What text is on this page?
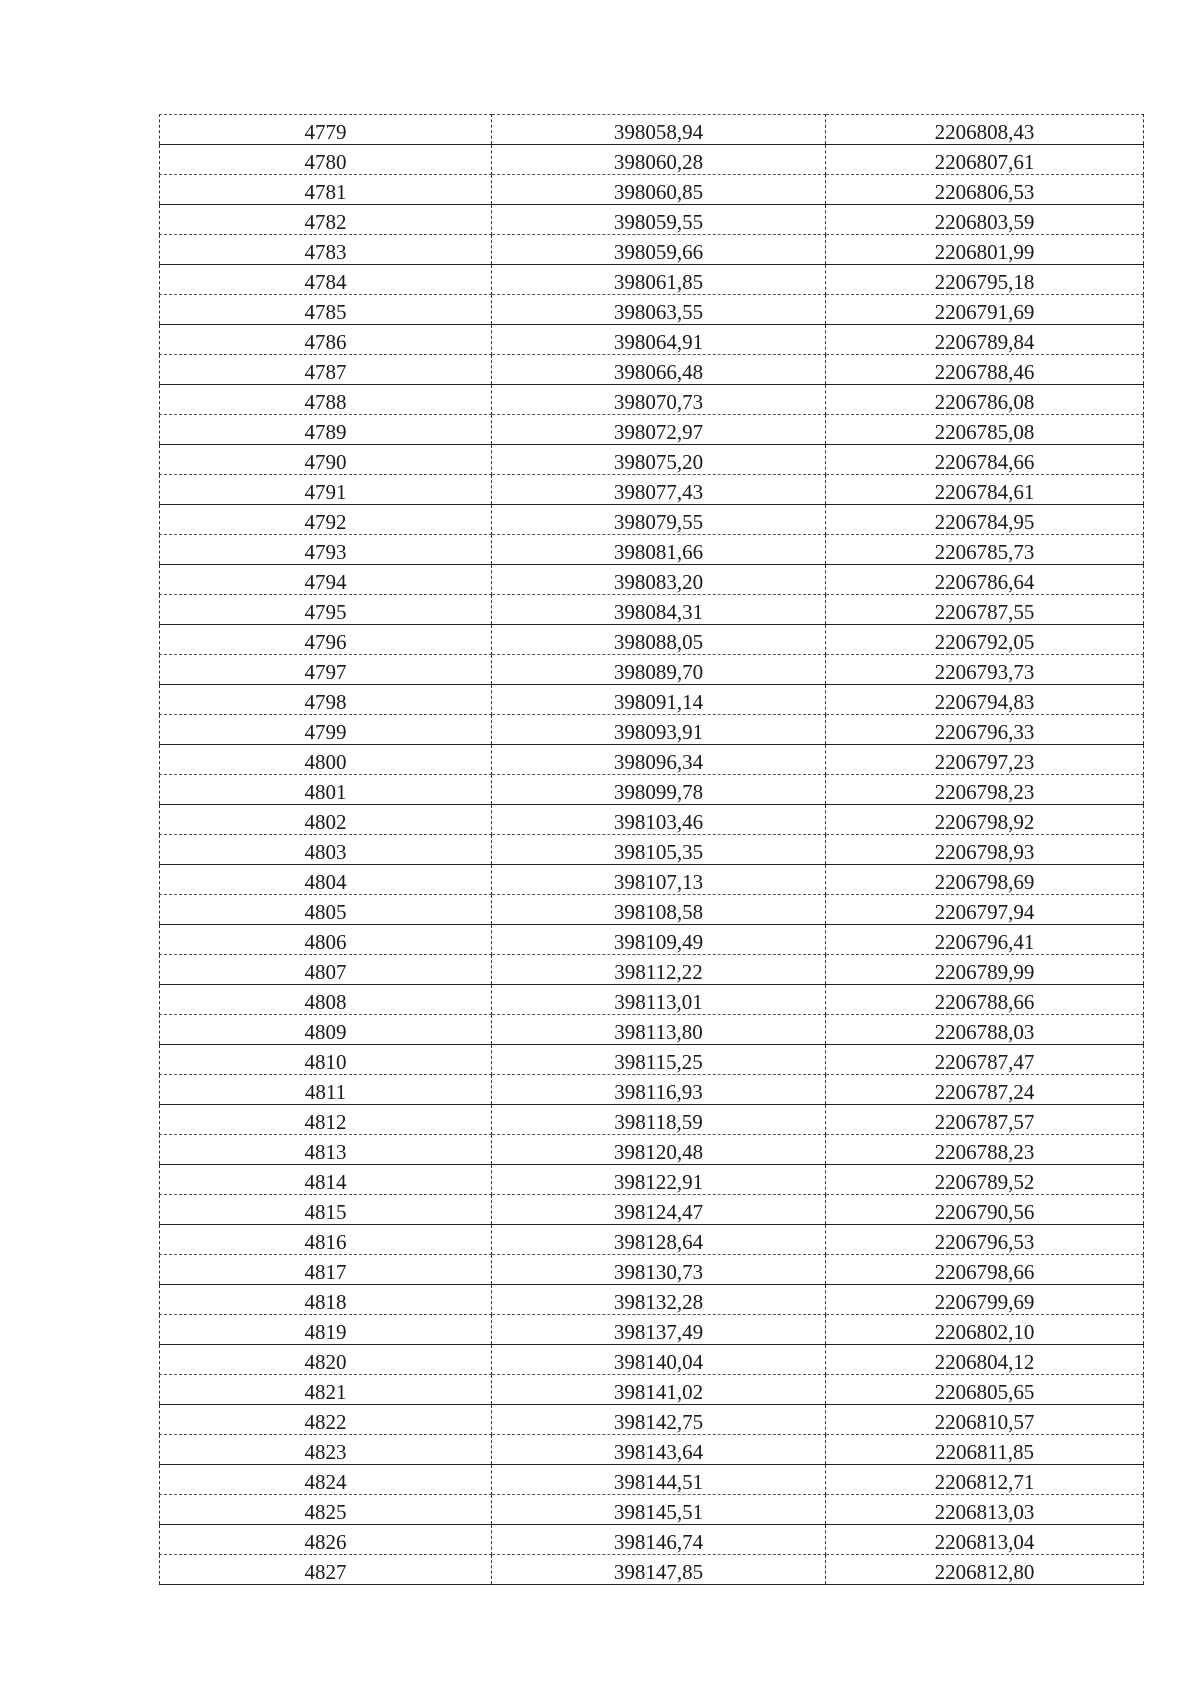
4779	398058,94	2206808,43
4780	398060,28	2206807,61
4781	398060,85	2206806,53
4782	398059,55	2206803,59
4783	398059,66	2206801,99
4784	398061,85	2206795,18
4785	398063,55	2206791,69
4786	398064,91	2206789,84
4787	398066,48	2206788,46
4788	398070,73	2206786,08
4789	398072,97	2206785,08
4790	398075,20	2206784,66
4791	398077,43	2206784,61
4792	398079,55	2206784,95
4793	398081,66	2206785,73
4794	398083,20	2206786,64
4795	398084,31	2206787,55
4796	398088,05	2206792,05
4797	398089,70	2206793,73
4798	398091,14	2206794,83
4799	398093,91	2206796,33
4800	398096,34	2206797,23
4801	398099,78	2206798,23
4802	398103,46	2206798,92
4803	398105,35	2206798,93
4804	398107,13	2206798,69
4805	398108,58	2206797,94
4806	398109,49	2206796,41
4807	398112,22	2206789,99
4808	398113,01	2206788,66
4809	398113,80	2206788,03
4810	398115,25	2206787,47
4811	398116,93	2206787,24
4812	398118,59	2206787,57
4813	398120,48	2206788,23
4814	398122,91	2206789,52
4815	398124,47	2206790,56
4816	398128,64	2206796,53
4817	398130,73	2206798,66
4818	398132,28	2206799,69
4819	398137,49	2206802,10
4820	398140,04	2206804,12
4821	398141,02	2206805,65
4822	398142,75	2206810,57
4823	398143,64	2206811,85
4824	398144,51	2206812,71
4825	398145,51	2206813,03
4826	398146,74	2206813,04
4827	398147,85	2206812,80
